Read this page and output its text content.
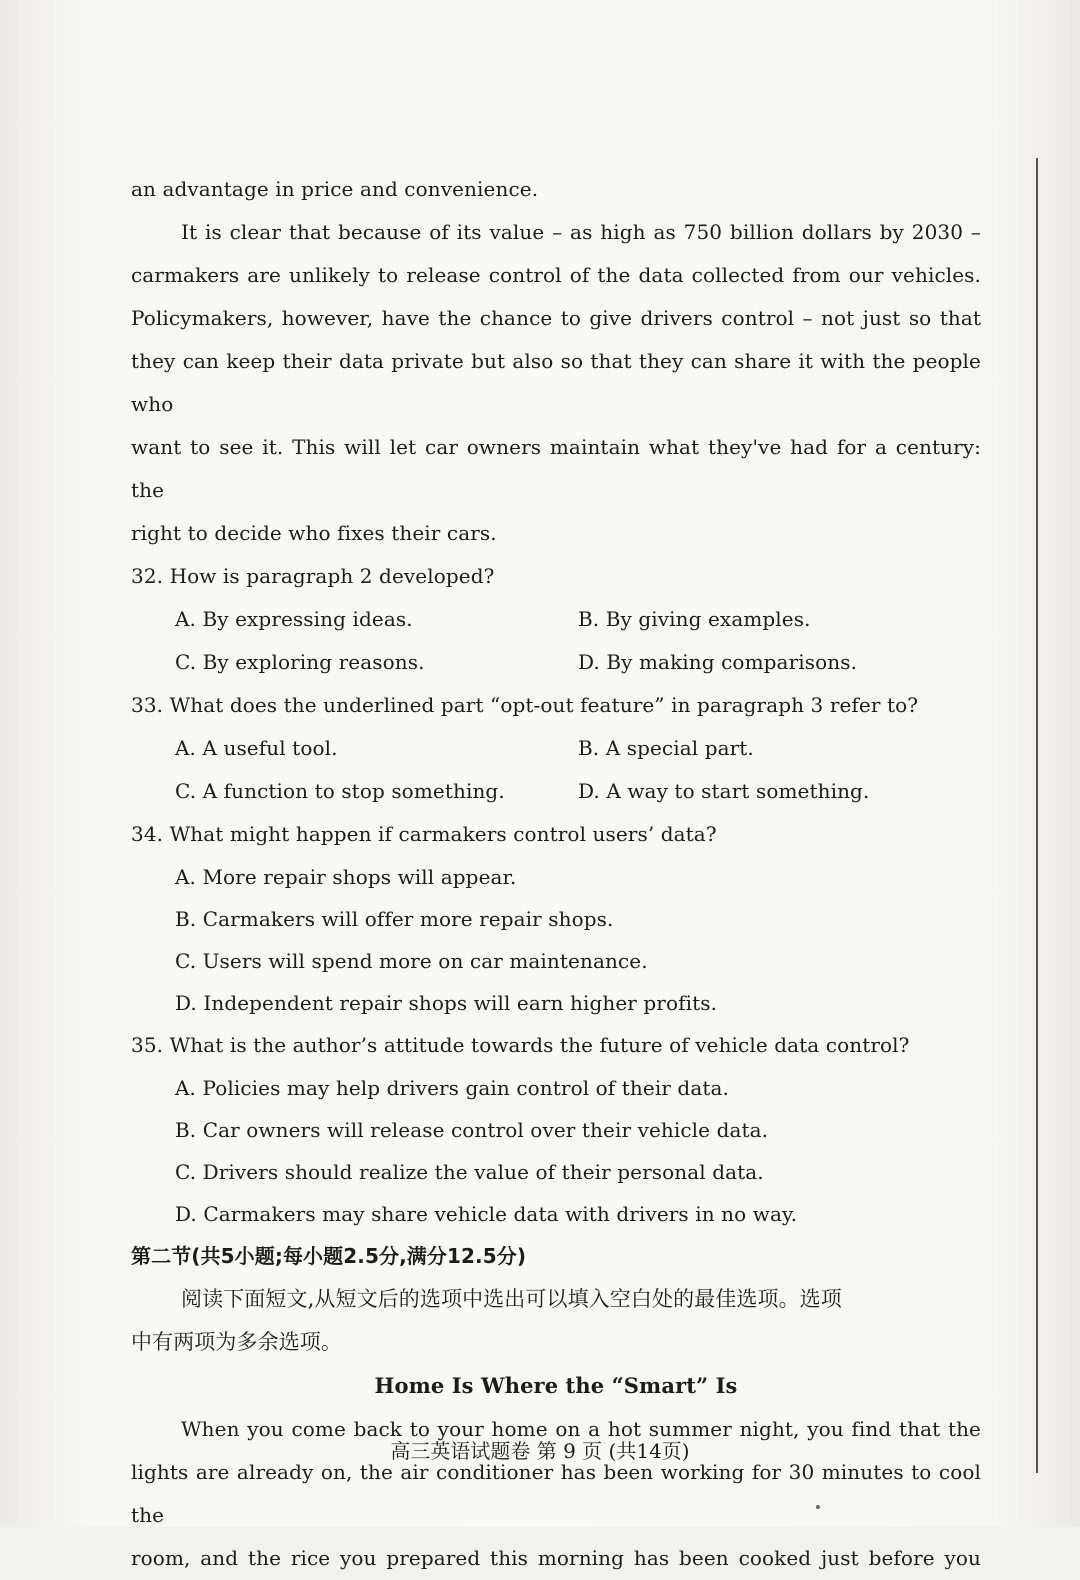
an advantage in price and convenience.
It is clear that because of its value – as high as 750 billion dollars by 2030 –
carmakers are unlikely to release control of the data collected from our vehicles.
Policymakers, however, have the chance to give drivers control – not just so that
they can keep their data private but also so that they can share it with the people who
want to see it. This will let car owners maintain what they've had for a century: the
right to decide who fixes their cars.
32. How is paragraph 2 developed?
A. By expressing ideas.	B. By giving examples.
C. By exploring reasons.	D. By making comparisons.
33. What does the underlined part “opt-out feature” in paragraph 3 refer to?
A. A useful tool.	B. A special part.
C. A function to stop something.	D. A way to start something.
34. What might happen if carmakers control users’ data?
A. More repair shops will appear.
B. Carmakers will offer more repair shops.
C. Users will spend more on car maintenance.
D. Independent repair shops will earn higher profits.
35. What is the author’s attitude towards the future of vehicle data control?
A. Policies may help drivers gain control of their data.
B. Car owners will release control over their vehicle data.
C. Drivers should realize the value of their personal data.
D. Carmakers may share vehicle data with drivers in no way.
第二节(共5小题;每小题2.5分,满分12.5分)
阅读下面短文,从短文后的选项中选出可以填入空白处的最佳选项。选项
中有两项为多余选项。
Home Is Where the “Smart” Is
When you come back to your home on a hot summer night, you find that the
lights are already on, the air conditioner has been working for 30 minutes to cool the
room, and the rice you prepared this morning has been cooked just before you
高三英语试题卷 第 9 页 (共14页)
